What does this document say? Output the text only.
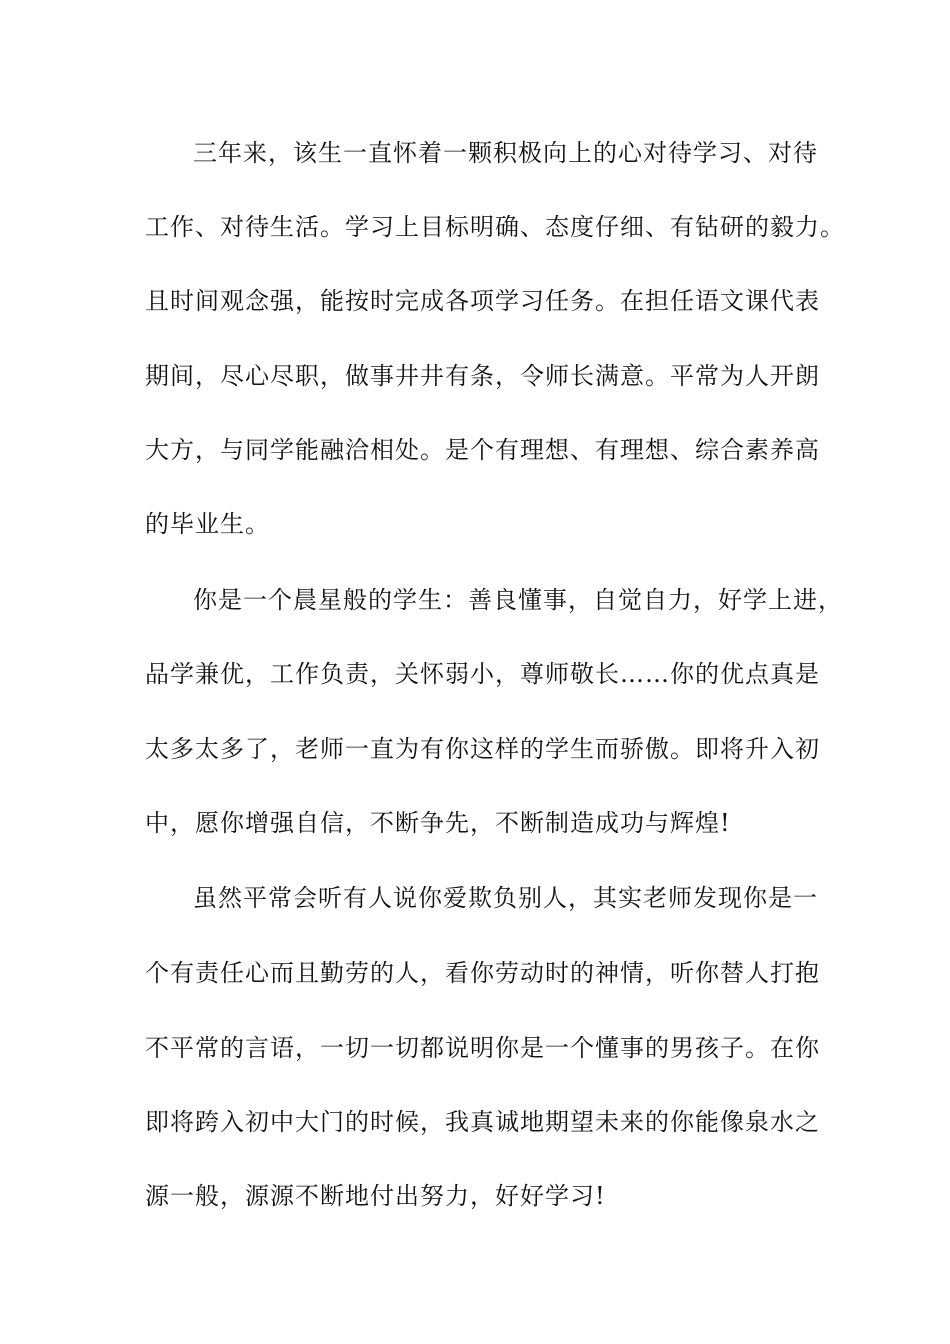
三年来，该生一直怀着一颗积极向上的心对待学习、对待
工作、对待生活。学习上目标明确、态度仔细、有钻研的毅力。
且时间观念强，能按时完成各项学习任务。在担任语文课代表
期间，尽心尽职，做事井井有条，令师长满意。平常为人开朗
大方，与同学能融洽相处。是个有理想、有理想、综合素养高
的毕业生。
你是一个晨星般的学生：善良懂事，自觉自力，好学上进，
品学兼优，工作负责，关怀弱小，尊师敬长……你的优点真是
太多太多了，老师一直为有你这样的学生而骄傲。即将升入初
中，愿你增强自信，不断争先，不断制造成功与辉煌!
虽然平常会听有人说你爱欺负别人，其实老师发现你是一
个有责任心而且勤劳的人，看你劳动时的神情，听你替人打抱
不平常的言语，一切一切都说明你是一个懂事的男孩子。在你
即将跨入初中大门的时候，我真诚地期望未来的你能像泉水之
源一般，源源不断地付出努力，好好学习!
